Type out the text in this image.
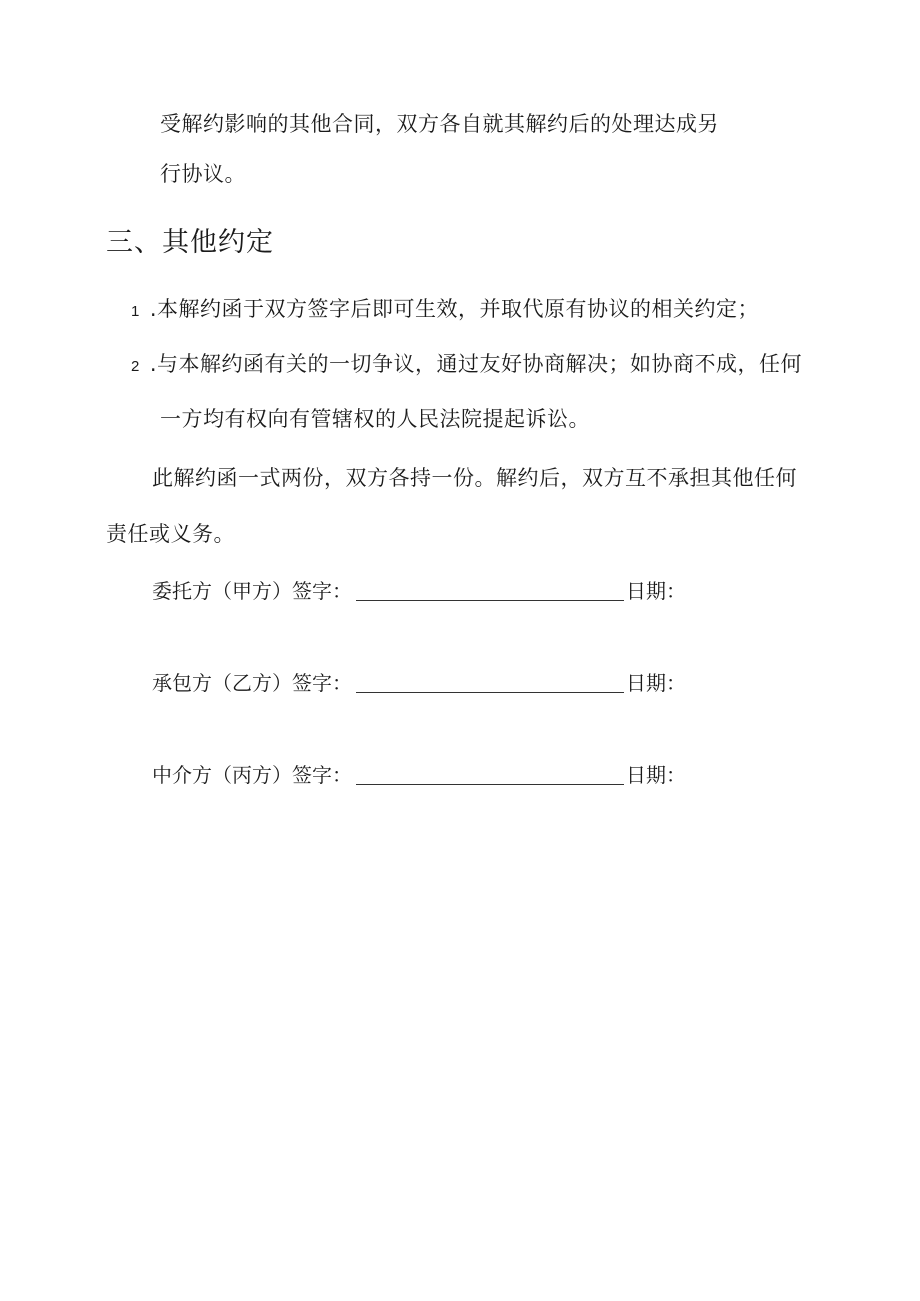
受解约影响的其他合同，双方各自就其解约后的处理达成另
行协议。
三、其他约定
1 .本解约函于双方签字后即可生效，并取代原有协议的相关约定；
2 .与本解约函有关的一切争议，通过友好协商解决；如协商不成，任何
一方均有权向有管辖权的人民法院提起诉讼。
此解约函一式两份，双方各持一份。解约后，双方互不承担其他任何
责任或义务。
委托方（甲方）签字：	日期：
承包方（乙方）签字：	日期：
中介方（丙方）签字：	日期：
